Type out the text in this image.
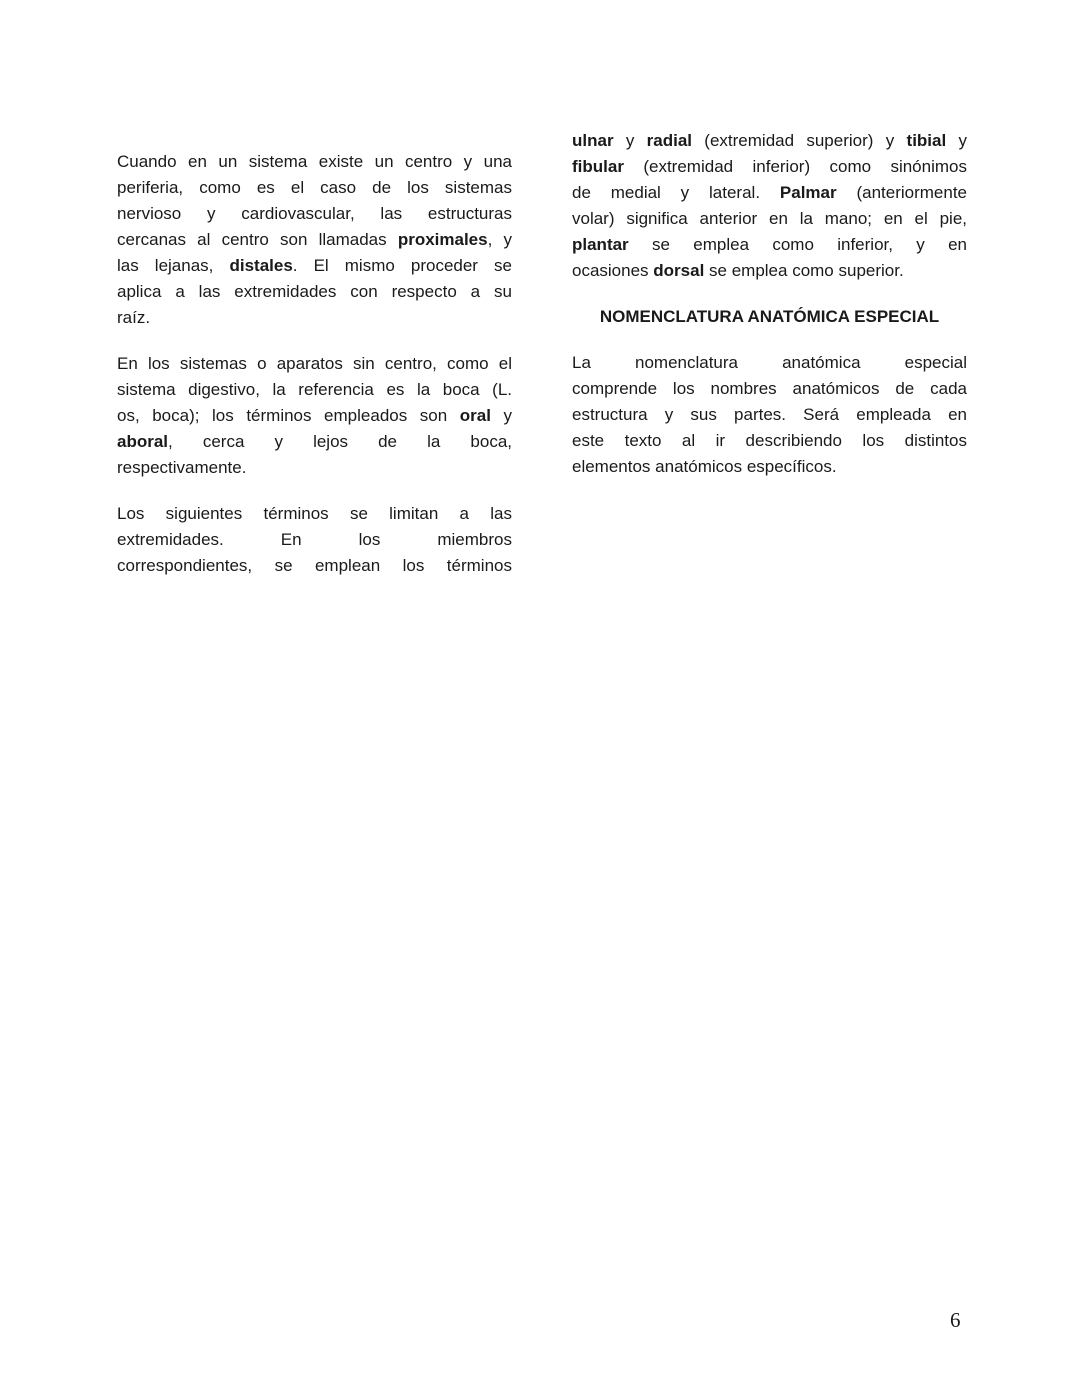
Cuando en un sistema existe un centro y una
periferia, como es el caso de los sistemas
nervioso y cardiovascular, las estructuras
cercanas al centro son llamadas proximales, y
las lejanas, distales. El mismo proceder se
aplica a las extremidades con respecto a su
raíz.
En los sistemas o aparatos sin centro, como el
sistema digestivo, la referencia es la boca (L.
os, boca); los términos empleados son oral y
aboral, cerca y lejos de la boca,
respectivamente.
Los siguientes términos se limitan a las
extremidades. En los miembros
correspondientes, se emplean los términos
ulnar y radial (extremidad superior) y tibial y
fibular (extremidad inferior) como sinónimos
de medial y lateral. Palmar (anteriormente
volar) significa anterior en la mano; en el pie,
plantar se emplea como inferior, y en
ocasiones dorsal se emplea como superior.
NOMENCLATURA ANATÓMICA ESPECIAL
La nomenclatura anatómica especial
comprende los nombres anatómicos de cada
estructura y sus partes. Será empleada en
este texto al ir describiendo los distintos
elementos anatómicos específicos.
6
